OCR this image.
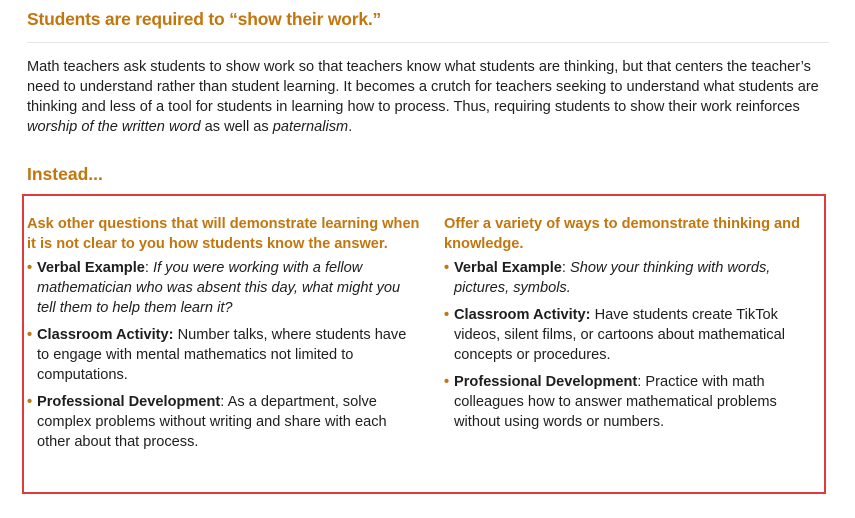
Students are required to “show their work.”

Math teachers ask students to show work so that teachers know what students are thinking, but that centers the teacher’s need to understand rather than student learning. It becomes a crutch for teachers seeking to understand what students are thinking and less of a tool for students in learning how to process. Thus, requiring students to show their work reinforces worship of the written word as well as paternalism.

Instead...
Ask other questions that will demonstrate learning when it is not clear to you how students know the answer.
• Verbal Example: If you were working with a fellow mathematician who was absent this day, what might you tell them to help them learn it?
• Classroom Activity: Number talks, where students have to engage with mental mathematics not limited to computations.
• Professional Development: As a department, solve complex problems without writing and share with each other about that process.
Offer a variety of ways to demonstrate thinking and knowledge.
• Verbal Example: Show your thinking with words, pictures, symbols.
• Classroom Activity: Have students create TikTok videos, silent films, or cartoons about mathematical concepts or procedures.
• Professional Development: Practice with math colleagues how to answer mathematical problems without using words or numbers.
